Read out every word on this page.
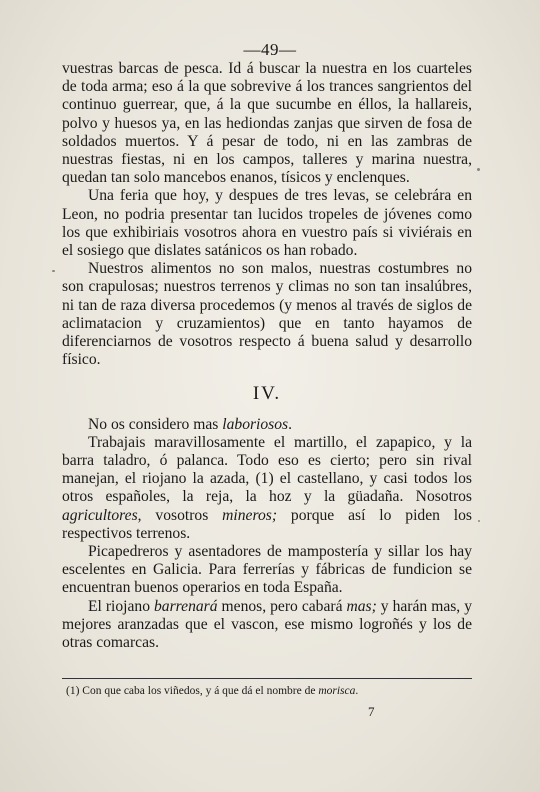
—49—

vuestras barcas de pesca. Id á buscar la nuestra en los cuarteles de toda arma; eso á la que sobrevive á los trances sangrientos del continuo guerrear, que, á la que sucumbe en éllos, la hallareis, polvo y huesos ya, en las hediondas zanjas que sirven de fosa de soldados muertos. Y á pesar de todo, ni en las zambras de nuestras fiestas, ni en los campos, talleres y marina nuestra, quedan tan solo mancebos enanos, tísicos y enclenques.

Una feria que hoy, y despues de tres levas, se celebrára en Leon, no podria presentar tan lucidos tropeles de jóvenes como los que exhibiriais vosotros ahora en vuestro país si viviérais en el sosiego que dislates satánicos os han robado.

Nuestros alimentos no son malos, nuestras costumbres no son crapulosas; nuestros terrenos y climas no son tan insalúbres, ni tan de raza diversa procedemos (y menos al través de siglos de aclimatacion y cruzamientos) que en tanto hayamos de diferenciarnos de vosotros respecto á buena salud y desarrollo físico.

IV.

No os considero mas laboriosos.

Trabajais maravillosamente el martillo, el zapapico, y la barra taladro, ó palanca. Todo eso es cierto; pero sin rival manejan, el riojano la azada, (1) el castellano, y casi todos los otros españoles, la reja, la hoz y la güadaña. Nosotros agricultores, vosotros mineros; porque así lo piden los respectivos terrenos.

Picapedreros y asentadores de mampostería y sillar los hay escelentes en Galicia. Para ferrerías y fábricas de fundicion se encuentran buenos operarios en toda España.

El riojano barrenará menos, pero cabará mas; y harán mas, y mejores aranzadas que el vascon, ese mismo logroñés y los de otras comarcas.

(1) Con que caba los viñedos, y á que dá el nombre de morisca.
7
